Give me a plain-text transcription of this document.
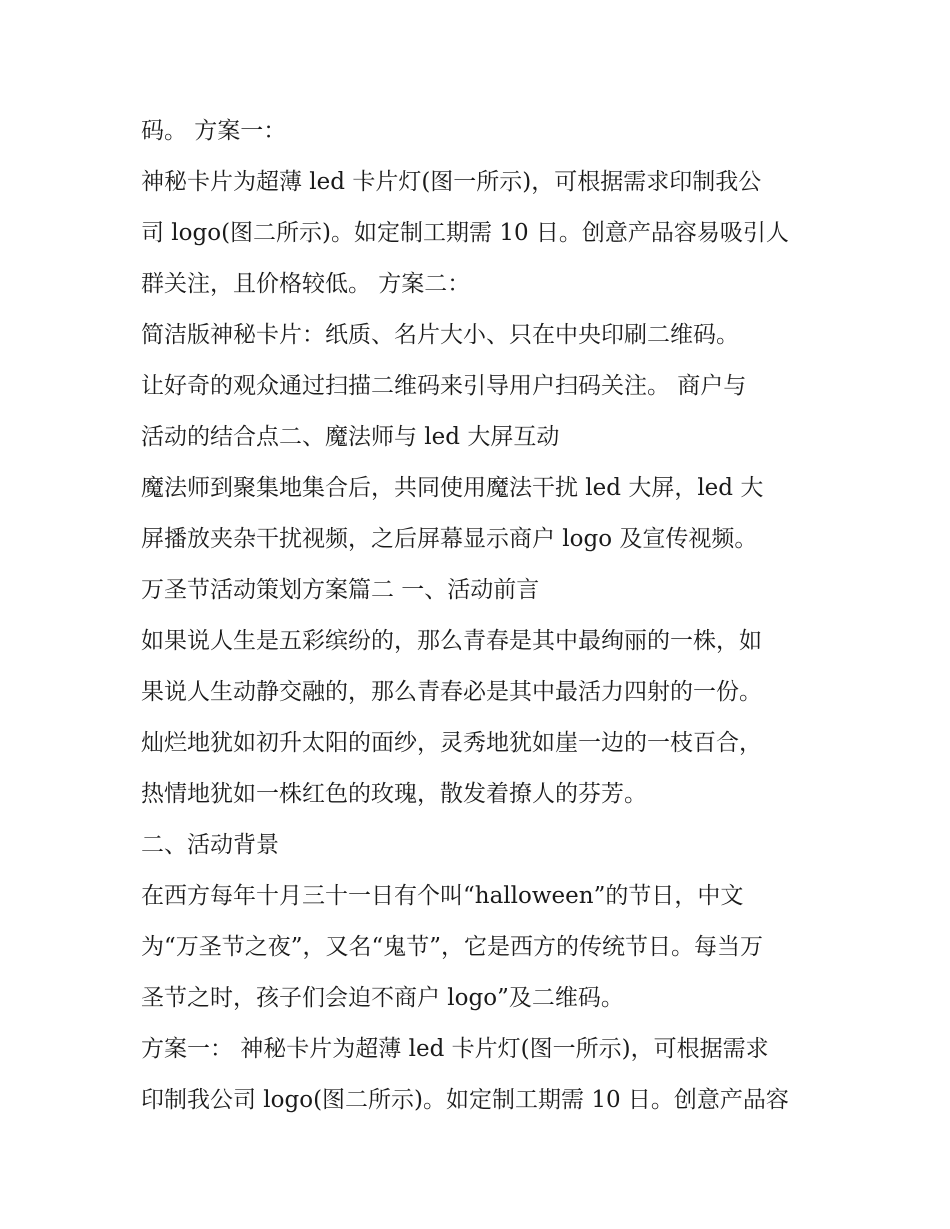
码。 方案一：
神秘卡片为超薄 led 卡片灯(图一所示)，可根据需求印制我公
司 logo(图二所示)。如定制工期需 10 日。创意产品容易吸引人
群关注，且价格较低。 方案二：
简洁版神秘卡片：纸质、名片大小、只在中央印刷二维码。
让好奇的观众通过扫描二维码来引导用户扫码关注。 商户与
活动的结合点二、魔法师与 led 大屏互动
魔法师到聚集地集合后，共同使用魔法干扰 led 大屏，led 大
屏播放夹杂干扰视频，之后屏幕显示商户 logo 及宣传视频。
万圣节活动策划方案篇二 一、活动前言
如果说人生是五彩缤纷的，那么青春是其中最绚丽的一株，如
果说人生动静交融的，那么青春必是其中最活力四射的一份。
灿烂地犹如初升太阳的面纱，灵秀地犹如崖一边的一枝百合，
热情地犹如一株红色的玫瑰，散发着撩人的芬芳。
二、活动背景
在西方每年十月三十一日有个叫“halloween”的节日，中文
为“万圣节之夜”，又名“鬼节”，它是西方的传统节日。每当万
圣节之时，孩子们会迫不商户 logo”及二维码。
方案一： 神秘卡片为超薄 led 卡片灯(图一所示)，可根据需求
印制我公司 logo(图二所示)。如定制工期需 10 日。创意产品容
